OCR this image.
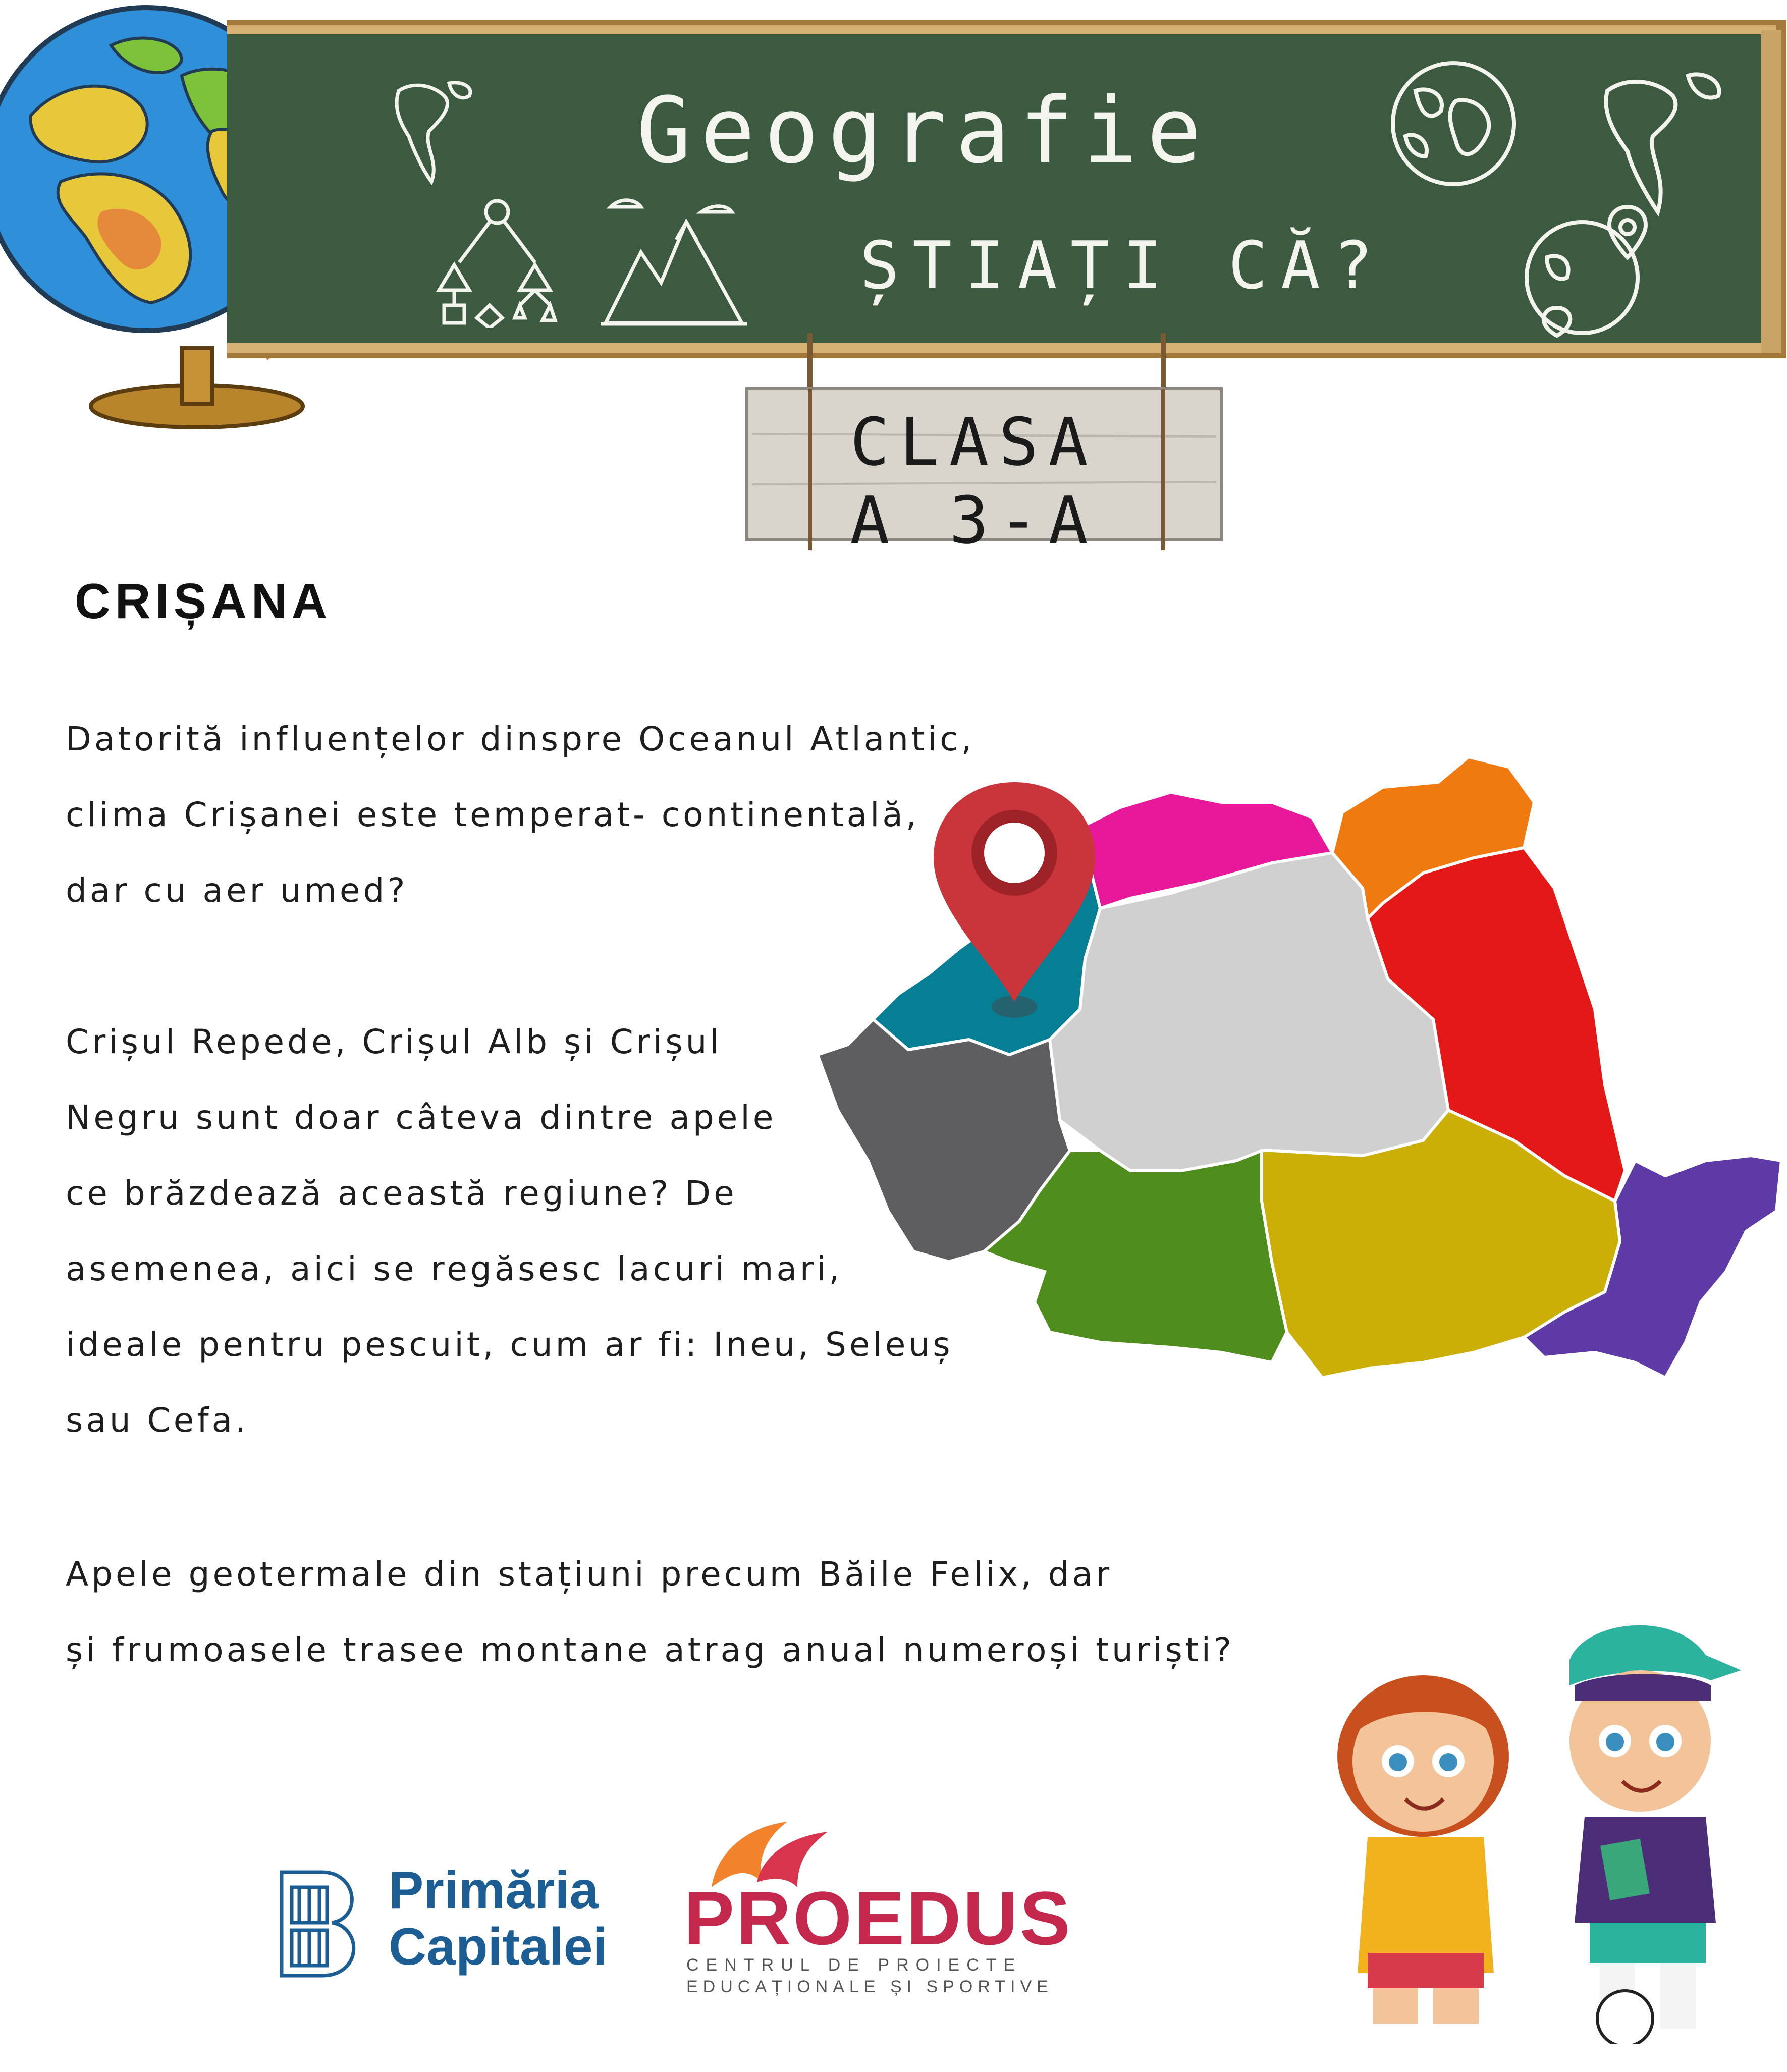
Geografie
ȘTIAȚI CĂ?
CLASA
A 3-A
CRIȘANA

Datorită influențelor dinspre Oceanul Atlantic,

clima Crișanei este temperat- continentală,

dar cu aer umed?

Crișul Repede, Crișul Alb și Crișul

Negru sunt doar câteva dintre apele

ce brăzdează această regiune? De

asemenea, aici se regăsesc lacuri mari,

ideale pentru pescuit, cum ar fi: Ineu, Seleuș

sau Cefa.

Apele geotermale din stațiuni precum Băile Felix, dar

și frumoasele trasee montane atrag anual numeroși turiști?

Primăria
Capitalei PROEDUS
CENTRUL DE PROIECTE
EDUCAȚIONALE ȘI SPORTIVE
